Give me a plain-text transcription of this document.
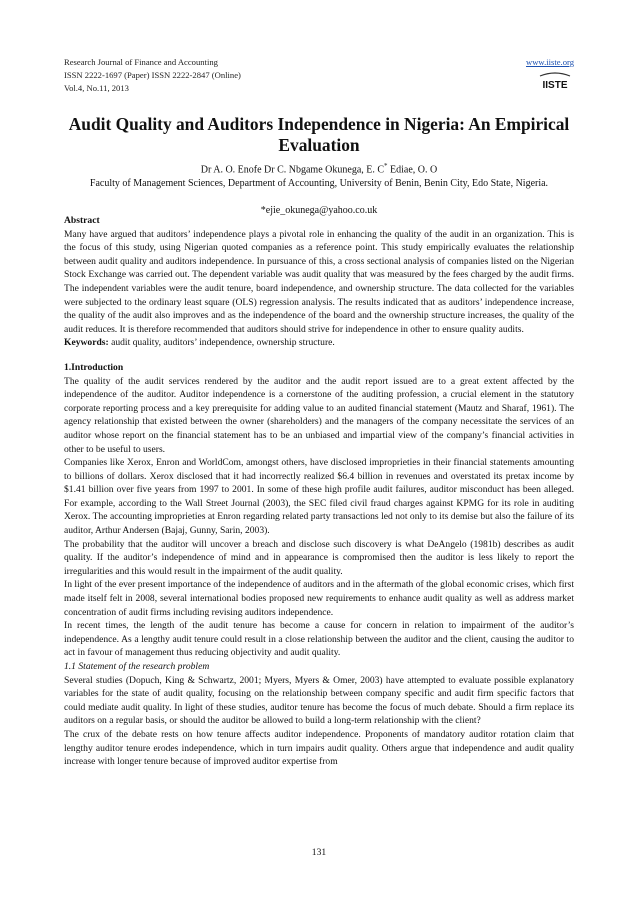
Research Journal of Finance and Accounting
ISSN 2222-1697 (Paper) ISSN 2222-2847 (Online)
Vol.4, No.11, 2013
www.iiste.org
IISTE
Audit Quality and Auditors Independence in Nigeria: An Empirical Evaluation
Dr A. O. Enofe Dr C. Nbgame Okunega, E. C* Ediae, O. O
Faculty of Management Sciences, Department of Accounting, University of Benin, Benin City, Edo State, Nigeria.
*ejie_okunega@yahoo.co.uk

Abstract

Many have argued that auditors’ independence plays a pivotal role in enhancing the quality of the audit in an organization. This is the focus of this study, using Nigerian quoted companies as a reference point. This study empirically evaluates the relationship between audit quality and auditors independence. In pursuance of this, a cross sectional analysis of companies listed on the Nigerian Stock Exchange was carried out. The dependent variable was audit quality that was measured by the fees charged by the audit firms. The independent variables were the audit tenure, board independence, and ownership structure. The data collected for the variables were subjected to the ordinary least square (OLS) regression analysis. The results indicated that as auditors’ independence increase, the quality of the audit also improves and as the independence of the board and the ownership structure increases, the quality of the audit reduces. It is therefore recommended that auditors should strive for independence in other to ensure quality audits.

Keywords: audit quality, auditors’ independence, ownership structure.

1.Introduction

The quality of the audit services rendered by the auditor and the audit report issued are to a great extent affected by the independence of the auditor. Auditor independence is a cornerstone of the auditing profession, a crucial element in the statutory corporate reporting process and a key prerequisite for adding value to an audited financial statement (Mautz and Sharaf, 1961). The agency relationship that existed between the owner (shareholders) and the managers of the company necessitate the services of an auditor whose report on the financial statement has to be an unbiased and impartial view of the company’s financial activities in other to be useful to users.

Companies like Xerox, Enron and WorldCom, amongst others, have disclosed improprieties in their financial statements amounting to billions of dollars. Xerox disclosed that it had incorrectly realized $6.4 billion in revenues and overstated its pretax income by $1.41 billion over five years from 1997 to 2001. In some of these high profile audit failures, auditor misconduct has been alleged. For example, according to the Wall Street Journal (2003), the SEC filed civil fraud charges against KPMG for its role in auditing Xerox. The accounting improprieties at Enron regarding related party transactions led not only to its demise but also the failure of its auditor, Arthur Andersen (Bajaj, Gunny, Sarin, 2003).

The probability that the auditor will uncover a breach and disclose such discovery is what DeAngelo (1981b) describes as audit quality. If the auditor’s independence of mind and in appearance is compromised then the auditor is less likely to report the irregularities and this would result in the impairment of the audit quality.

In light of the ever present importance of the independence of auditors and in the aftermath of the global economic crises, which first made itself felt in 2008, several international bodies proposed new requirements to enhance audit quality as well as address market concentration of audit firms including revising auditors independence.

In recent times, the length of the audit tenure has become a cause for concern in relation to impairment of the auditor’s independence. As a lengthy audit tenure could result in a close relationship between the auditor and the client, causing the auditor to act in favour of management thus reducing objectivity and audit quality.

1.1 Statement of the research problem

Several studies (Dopuch, King & Schwartz, 2001; Myers, Myers & Omer, 2003) have attempted to evaluate possible explanatory variables for the state of audit quality, focusing on the relationship between company specific and audit firm specific factors that could mediate audit quality. In light of these studies, auditor tenure has become the focus of much debate. Should a firm replace its auditors on a regular basis, or should the auditor be allowed to build a long-term relationship with the client?

The crux of the debate rests on how tenure affects auditor independence. Proponents of mandatory auditor rotation claim that lengthy auditor tenure erodes independence, which in turn impairs audit quality. Others argue that independence and audit quality increase with longer tenure because of improved auditor expertise from

131
